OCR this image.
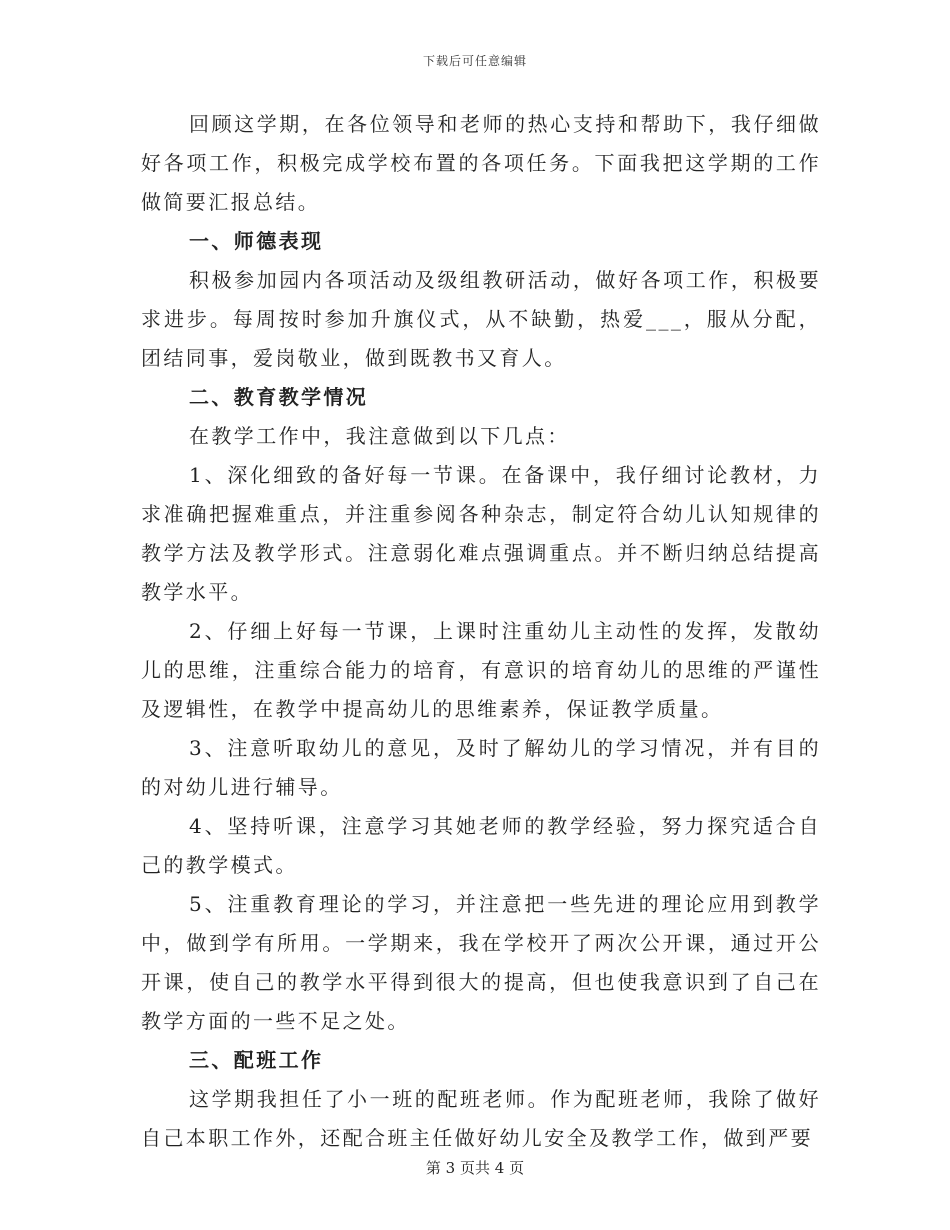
下载后可任意编辑

回顾这学期，在各位领导和老师的热心支持和帮助下，我仔细做好各项工作，积极完成学校布置的各项任务。下面我把这学期的工作做简要汇报总结。

一、师德表现

积极参加园内各项活动及级组教研活动，做好各项工作，积极要求进步。每周按时参加升旗仪式，从不缺勤，热爱___，服从分配，团结同事，爱岗敬业，做到既教书又育人。

二、教育教学情况

在教学工作中，我注意做到以下几点：

1、深化细致的备好每一节课。在备课中，我仔细讨论教材，力求准确把握难重点，并注重参阅各种杂志，制定符合幼儿认知规律的教学方法及教学形式。注意弱化难点强调重点。并不断归纳总结提高教学水平。

2、仔细上好每一节课，上课时注重幼儿主动性的发挥，发散幼儿的思维，注重综合能力的培育，有意识的培育幼儿的思维的严谨性及逻辑性，在教学中提高幼儿的思维素养，保证教学质量。

3、注意听取幼儿的意见，及时了解幼儿的学习情况，并有目的的对幼儿进行辅导。

4、坚持听课，注意学习其她老师的教学经验，努力探究适合自己的教学模式。

5、注重教育理论的学习，并注意把一些先进的理论应用到教学中，做到学有所用。一学期来，我在学校开了两次公开课，通过开公开课，使自己的教学水平得到很大的提高，但也使我意识到了自己在教学方面的一些不足之处。

三、配班工作

这学期我担任了小一班的配班老师。作为配班老师，我除了做好自己本职工作外，还配合班主任做好幼儿安全及教学工作，做到严要

第 3 页共 4 页
